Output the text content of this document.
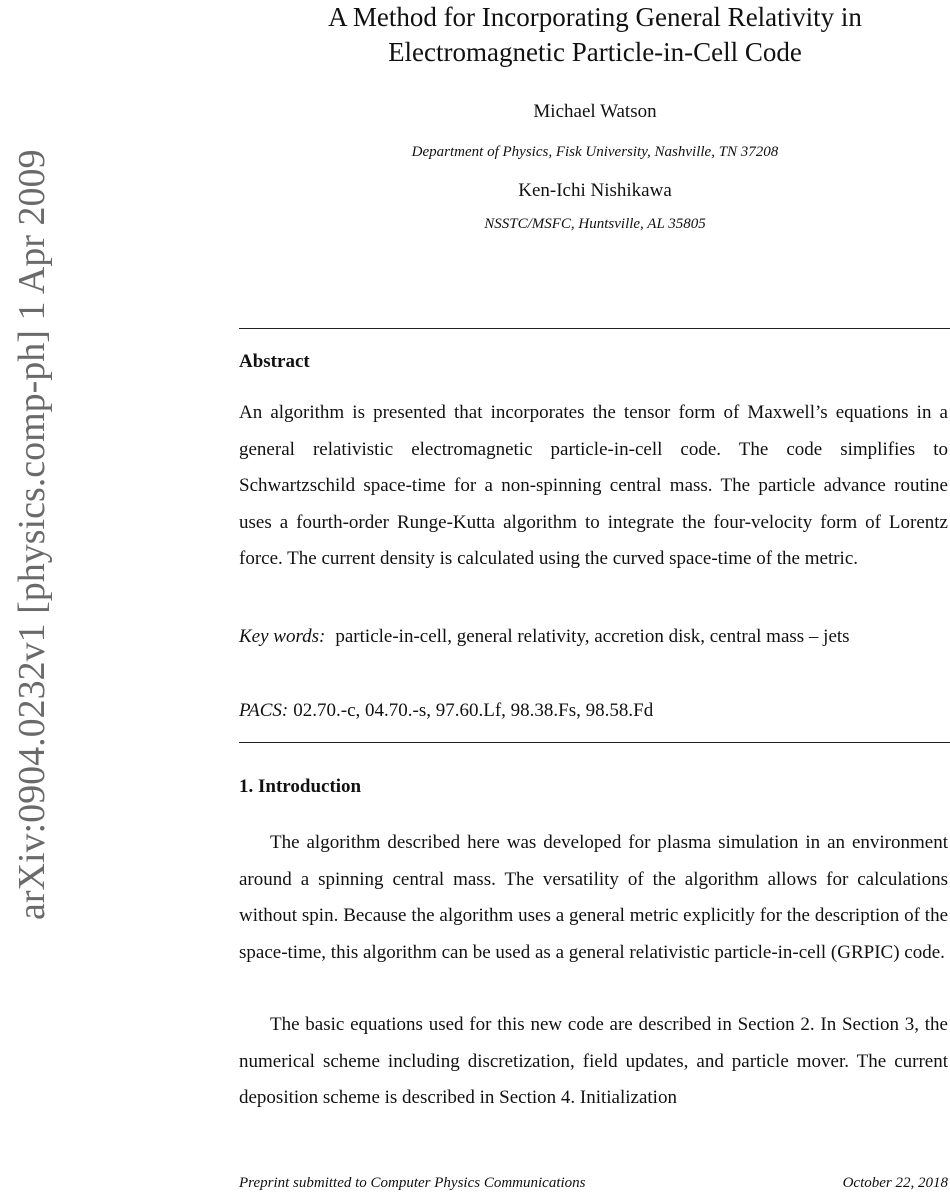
arXiv:0904.0232v1 [physics.comp-ph] 1 Apr 2009
A Method for Incorporating General Relativity in
Electromagnetic Particle-in-Cell Code
Michael Watson
Department of Physics, Fisk University, Nashville, TN 37208
Ken-Ichi Nishikawa
NSSTC/MSFC, Huntsville, AL 35805
Abstract

An algorithm is presented that incorporates the tensor form of Maxwell’s equations in a general relativistic electromagnetic particle-in-cell code. The code simplifies to Schwartzschild space-time for a non-spinning central mass. The particle advance routine uses a fourth-order Runge-Kutta algorithm to integrate the four-velocity form of Lorentz force. The current density is calculated using the curved space-time of the metric.

Key words: particle-in-cell, general relativity, accretion disk, central mass – jets
PACS: 02.70.-c, 04.70.-s, 97.60.Lf, 98.38.Fs, 98.58.Fd
1. Introduction

The algorithm described here was developed for plasma simulation in an environment around a spinning central mass. The versatility of the algorithm allows for calculations without spin. Because the algorithm uses a general metric explicitly for the description of the space-time, this algorithm can be used as a general relativistic particle-in-cell (GRPIC) code.

The basic equations used for this new code are described in Section 2. In Section 3, the numerical scheme including discretization, field updates, and particle mover. The current deposition scheme is described in Section 4. Initialization

Preprint submitted to Computer Physics Communications	October 22, 2018
